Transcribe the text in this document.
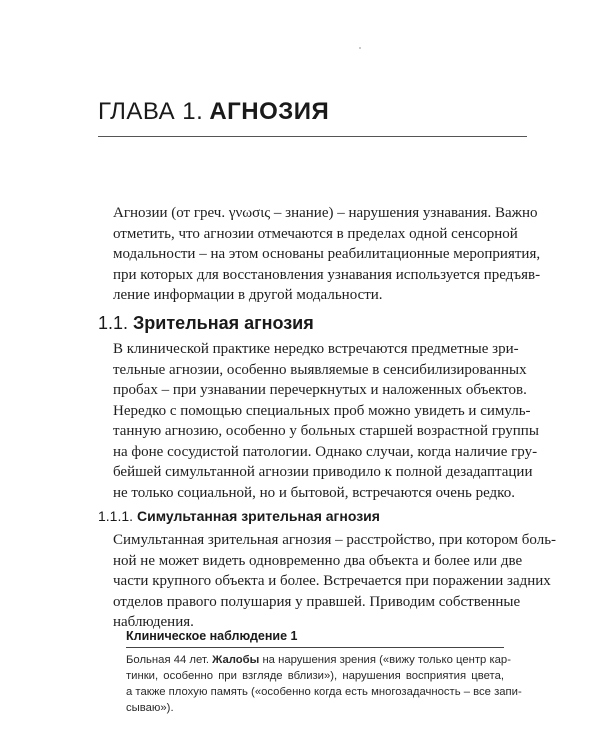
ГЛАВА 1. АГНОЗИЯ

Агнозии (от греч. γνωσις – знание) – нарушения узнавания. Важно
отметить, что агнозии отмечаются в пределах одной сенсорной
модальности – на этом основаны реабилитационные мероприятия,
при которых для восстановления узнавания используется предъяв-
ление информации в другой модальности.

1.1. Зрительная агнозия

В клинической практике нередко встречаются предметные зри-
тельные агнозии, особенно выявляемые в сенсибилизированных
пробах – при узнавании перечеркнутых и наложенных объектов.
Нередко с помощью специальных проб можно увидеть и симуль-
танную агнозию, особенно у больных старшей возрастной группы
на фоне сосудистой патологии. Однако случаи, когда наличие гру-
бейшей симультанной агнозии приводило к полной дезадаптации
не только социальной, но и бытовой, встречаются очень редко.

1.1.1. Симультанная зрительная агнозия

Симультанная зрительная агнозия – расстройство, при котором боль-
ной не может видеть одновременно два объекта и более или две
части крупного объекта и более. Встречается при поражении задних
отделов правого полушария у правшей. Приводим собственные
наблюдения.

Клиническое наблюдение 1

Больная 44 лет. Жалобы на нарушения зрения («вижу только центр кар-
тинки, особенно при взгляде вблизи»), нарушения восприятия цвета,
а также плохую память («особенно когда есть многозадачность – все запи-
сываю»).
